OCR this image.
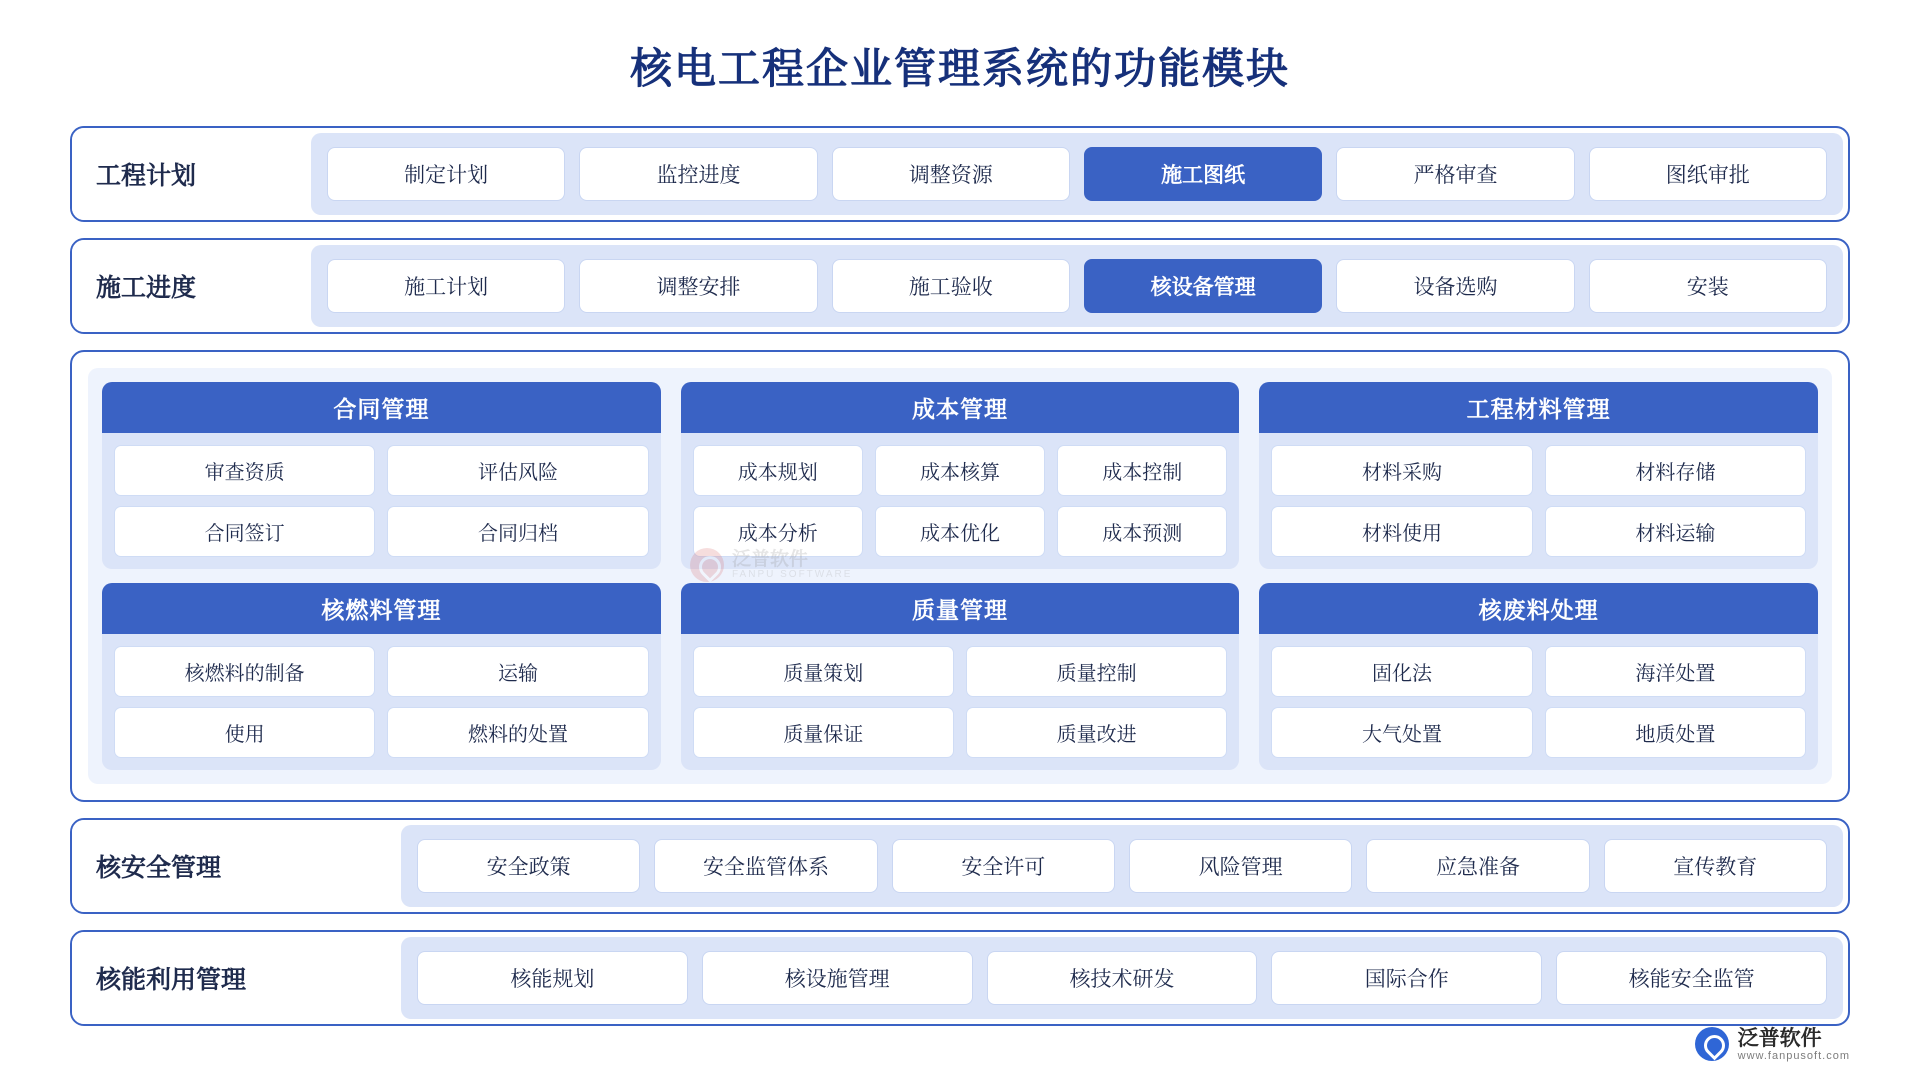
核电工程企业管理系统的功能模块
工程计划	制定计划	监控进度	调整资源	施工图纸	严格审查	图纸审批
施工进度	施工计划	调整安排	施工验收	核设备管理	设备选购	安装
合同管理
审查资质	评估风险
合同签订	合同归档
成本管理
成本规划	成本核算	成本控制
成本分析	成本优化	成本预测
工程材料管理
材料采购	材料存储
材料使用	材料运输
核燃料管理
核燃料的制备	运输
使用	燃料的处置
质量管理
质量策划	质量控制
质量保证	质量改进
核废料处理
固化法	海洋处置
大气处置	地质处置
核安全管理	安全政策	安全监管体系	安全许可	风险管理	应急准备	宣传教育
核能利用管理	核能规划	核设施管理	核技术研发	国际合作	核能安全监管
泛普软件
FANPU SOFTWARE
泛普软件
www.fanpusoft.com
